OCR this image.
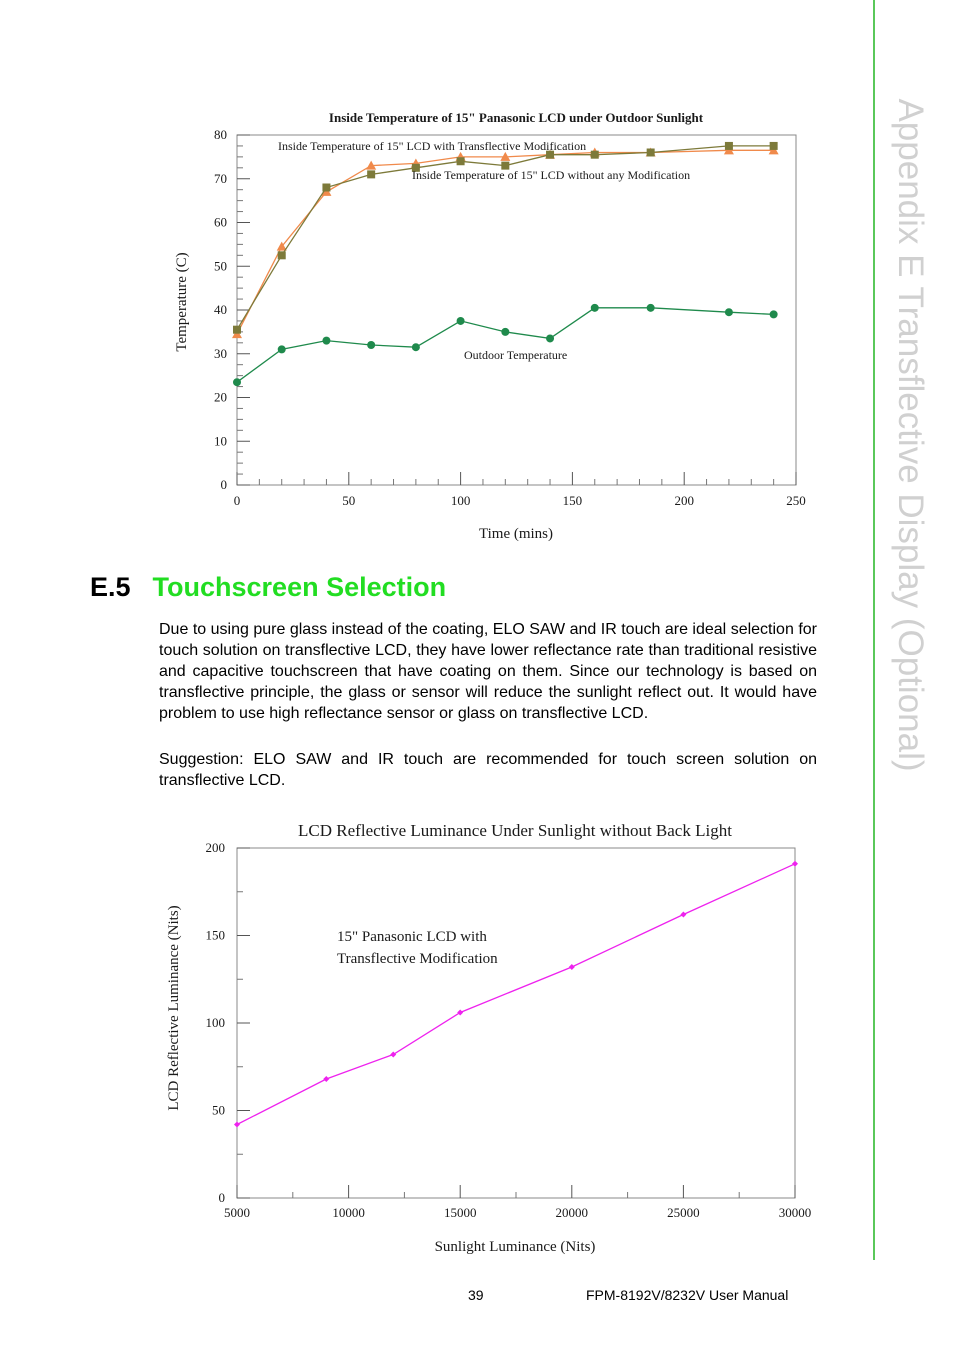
Appendix E Transflective Display (Optional)
Inside Temperature of 15" Panasonic LCD under Outdoor Sunlight
0	50	100	150	200	250
0
10
20
30
40
50
60
70
80
Time (mins)
Temperature (C)
Inside Temperature of 15" LCD with Transflective Modification
Inside Temperature of 15" LCD without any Modification
Outdoor Temperature
E.5 Touchscreen Selection

Due to using pure glass instead of the coating, ELO SAW and IR touch are ideal selection for touch solution on transflective LCD, they have lower reflectance rate than traditional resistive and capacitive touchscreen that have coating on them. Since our technology is based on transflective principle, the glass or sensor will reduce the sunlight reflect out. It would have problem to use high reflectance sensor or glass on transflective LCD.

Suggestion: ELO SAW and IR touch are recommended for touch screen solution on transflective LCD.

LCD Reflective Luminance Under Sunlight without Back Light
5000	10000	15000	20000	25000	30000
0
50
100
150
200
Sunlight Luminance (Nits)
LCD Reflective Luminance (Nits)	15" Panasonic LCD with Transflective Modification
39	FPM-8192V/8232V User Manual
